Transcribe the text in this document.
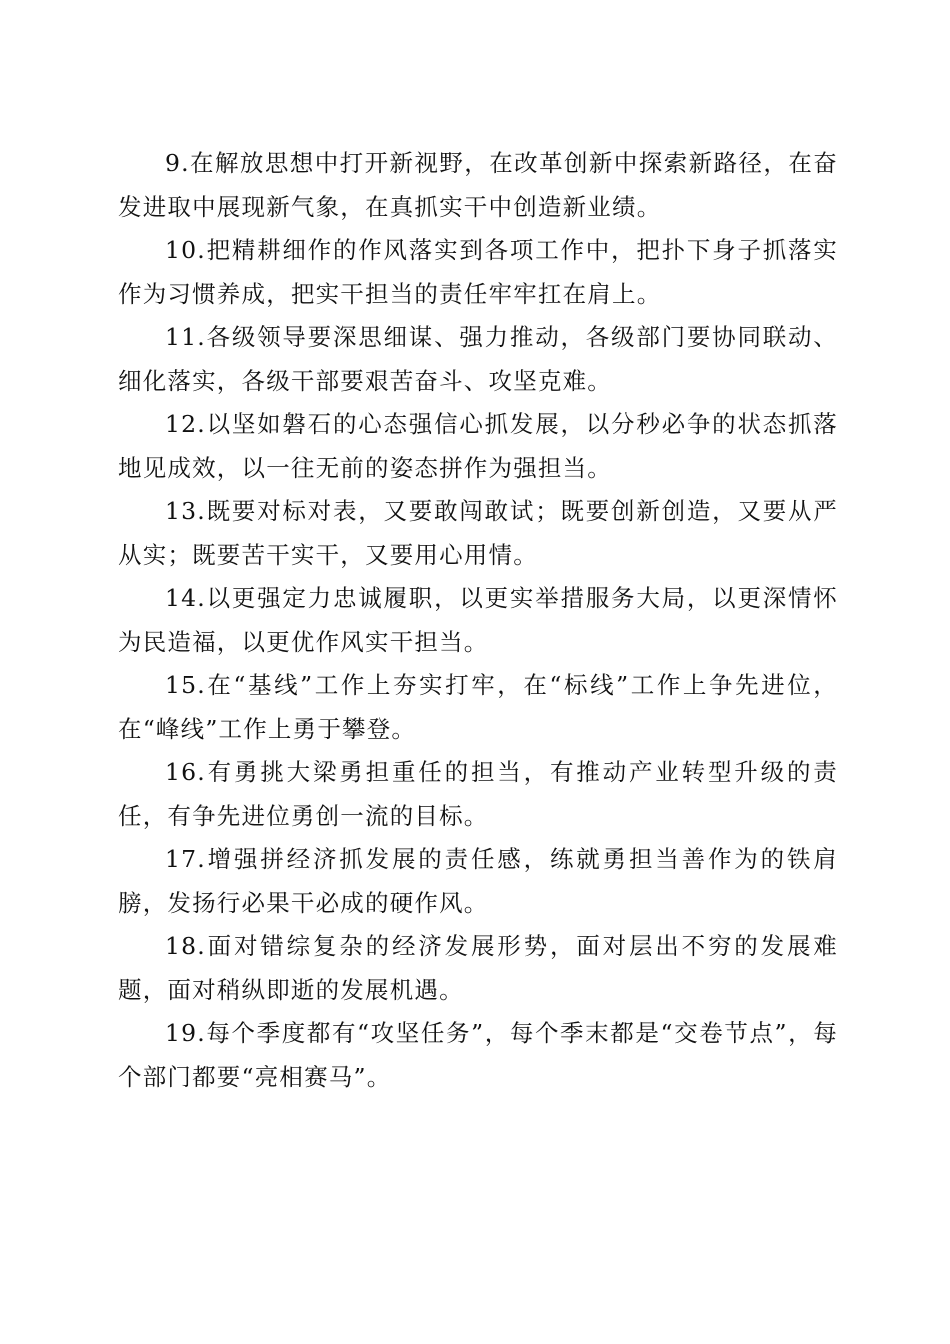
9.在解放思想中打开新视野，在改革创新中探索新路径，在奋发进取中展现新气象，在真抓实干中创造新业绩。

10.把精耕细作的作风落实到各项工作中，把扑下身子抓落实作为习惯养成，把实干担当的责任牢牢扛在肩上。

11.各级领导要深思细谋、强力推动，各级部门要协同联动、细化落实，各级干部要艰苦奋斗、攻坚克难。

12.以坚如磐石的心态强信心抓发展，以分秒必争的状态抓落地见成效，以一往无前的姿态拼作为强担当。

13.既要对标对表，又要敢闯敢试；既要创新创造，又要从严从实；既要苦干实干，又要用心用情。

14.以更强定力忠诚履职，以更实举措服务大局，以更深情怀为民造福，以更优作风实干担当。

15.在“基线”工作上夯实打牢，在“标线”工作上争先进位，在“峰线”工作上勇于攀登。

16.有勇挑大梁勇担重任的担当，有推动产业转型升级的责任，有争先进位勇创一流的目标。

17.增强拼经济抓发展的责任感，练就勇担当善作为的铁肩膀，发扬行必果干必成的硬作风。

18.面对错综复杂的经济发展形势，面对层出不穷的发展难题，面对稍纵即逝的发展机遇。

19.每个季度都有“攻坚任务”，每个季末都是“交卷节点”，每个部门都要“亮相赛马”。
